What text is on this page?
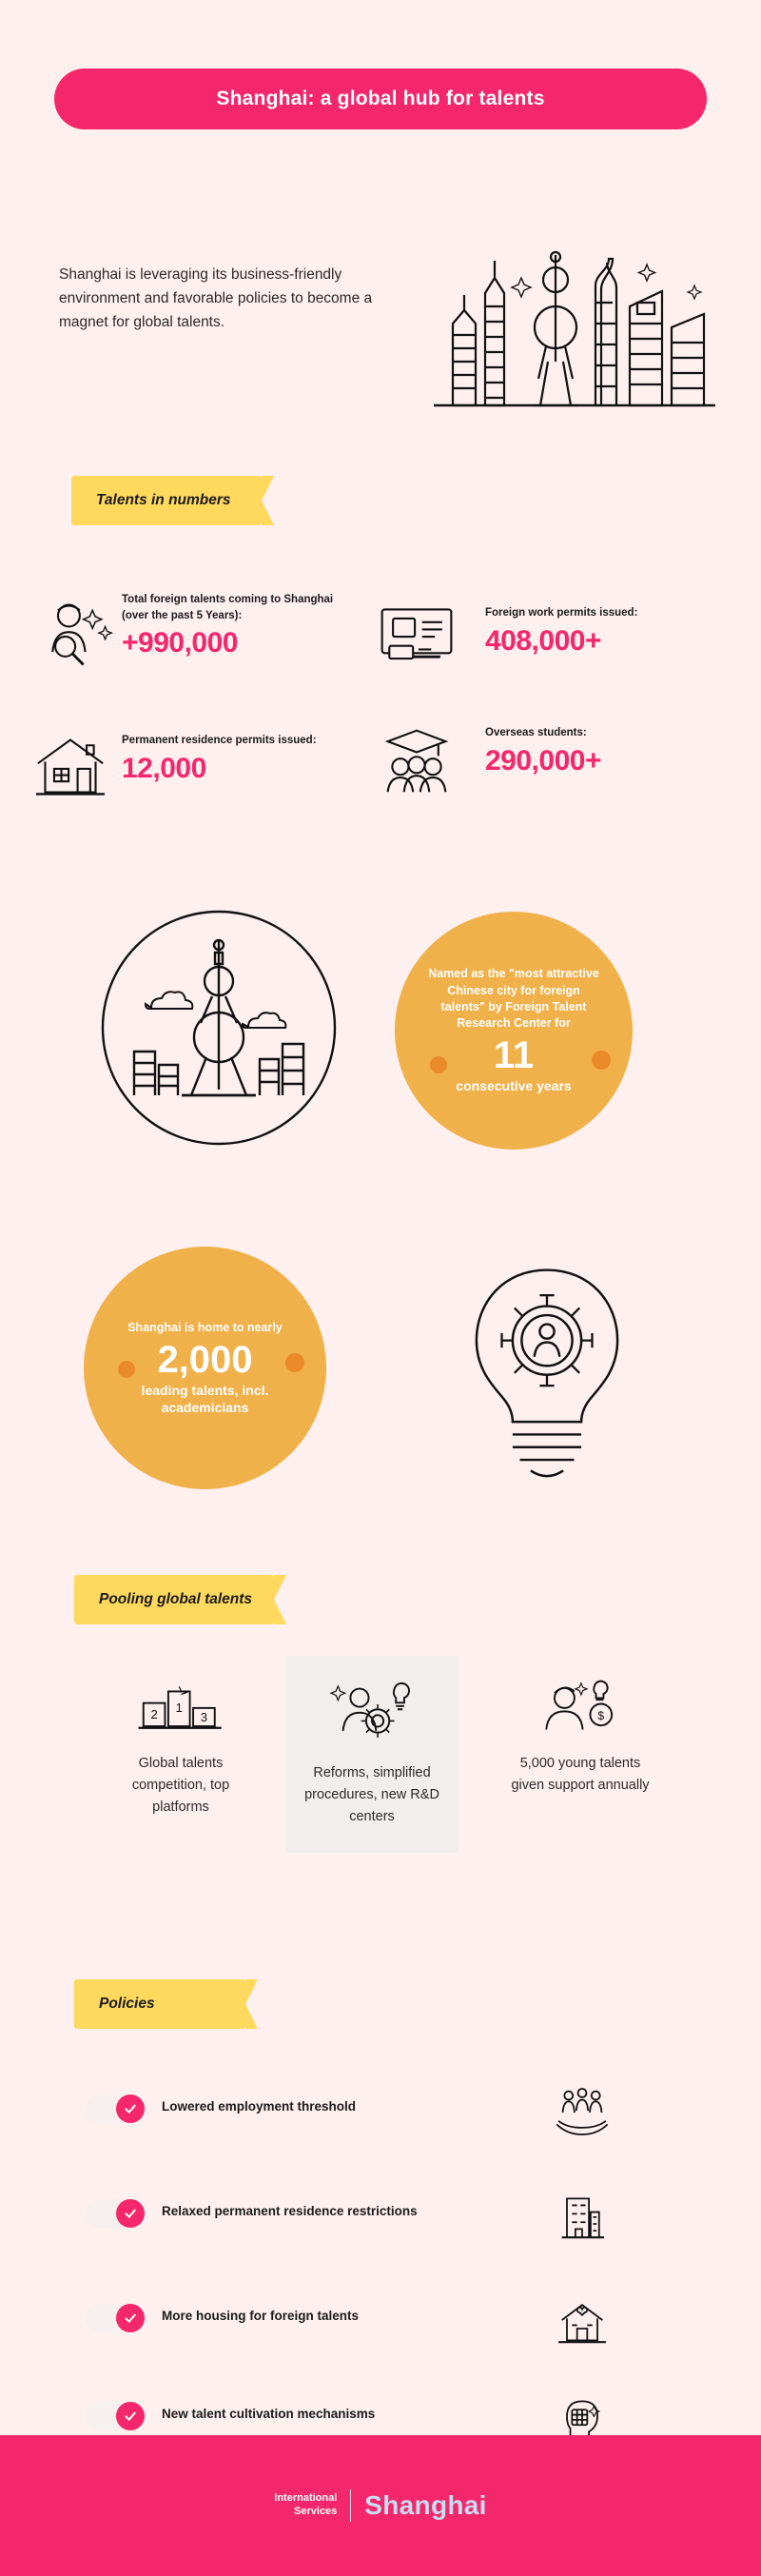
Shanghai: a global hub for talents
Shanghai is leveraging its business-friendly environment and favorable policies to become a magnet for global talents.
Talents in numbers
Total foreign talents coming to Shanghai (over the past 5 Years):
+990,000
Foreign work permits issued:
408,000+
Permanent residence permits issued:
12,000
Overseas students:
290,000+
Named as the "most attractive Chinese city for foreign talents" by Foreign Talent Research Center for
11
consecutive years
Shanghai is home to nearly
2,000
leading talents, incl. academicians
Pooling global talents
2 1
3
Global talents competition, top platforms
Reforms, simplified procedures, new R&D centers
$
5,000 young talents given support annually
Policies
Lowered employment threshold
Relaxed permanent residence restrictions
More housing for foreign talents
New talent cultivation mechanisms
International
Services Shanghai
